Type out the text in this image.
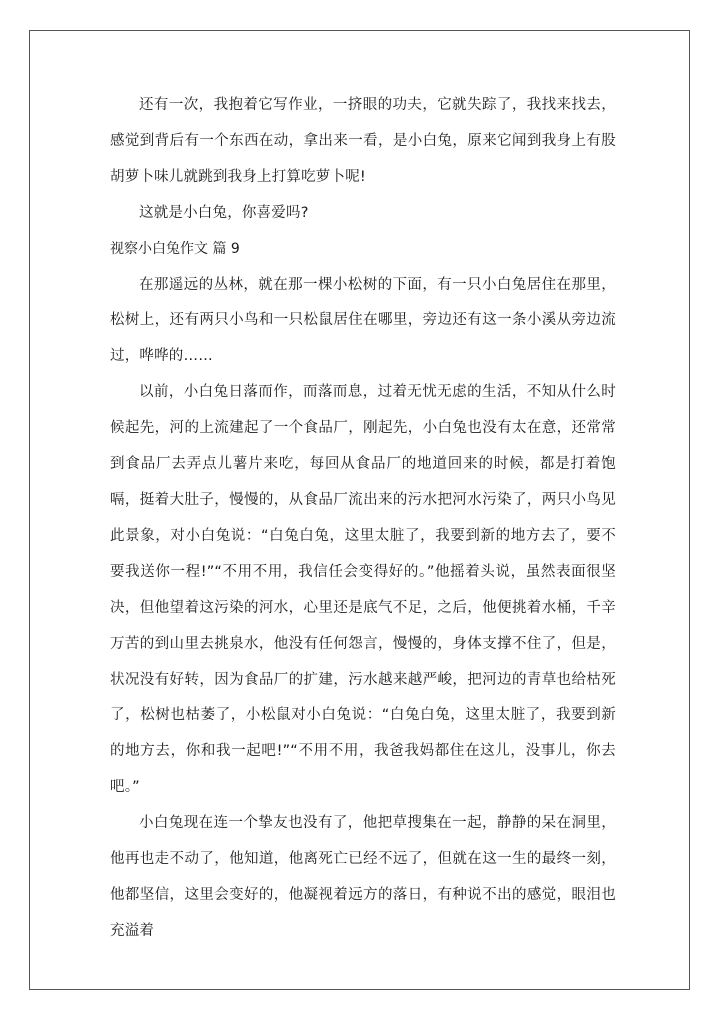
还有一次，我抱着它写作业，一挤眼的功夫，它就失踪了，我找来找去，感觉到背后有一个东西在动，拿出来一看，是小白兔，原来它闻到我身上有股胡萝卜味儿就跳到我身上打算吃萝卜呢!

这就是小白兔，你喜爱吗?

视察小白兔作文 篇 9

在那遥远的丛林，就在那一棵小松树的下面，有一只小白兔居住在那里，松树上，还有两只小鸟和一只松鼠居住在哪里，旁边还有这一条小溪从旁边流过，哗哗的……

以前，小白兔日落而作，而落而息，过着无忧无虑的生活，不知从什么时候起先，河的上流建起了一个食品厂，刚起先，小白兔也没有太在意，还常常到食品厂去弄点儿薯片来吃，每回从食品厂的地道回来的时候，都是打着饱嗝，挺着大肚子，慢慢的，从食品厂流出来的污水把河水污染了，两只小鸟见此景象，对小白兔说：“白兔白兔，这里太脏了，我要到新的地方去了，要不要我送你一程!”“不用不用，我信任会变得好的。”他摇着头说，虽然表面很坚决，但他望着这污染的河水，心里还是底气不足，之后，他便挑着水桶，千辛万苦的到山里去挑泉水，他没有任何怨言，慢慢的，身体支撑不住了，但是，状况没有好转，因为食品厂的扩建，污水越来越严峻，把河边的青草也给枯死了，松树也枯萎了，小松鼠对小白兔说：“白兔白兔，这里太脏了，我要到新的地方去，你和我一起吧!”“不用不用，我爸我妈都住在这儿，没事儿，你去吧。”

小白兔现在连一个挚友也没有了，他把草搜集在一起，静静的呆在洞里，他再也走不动了，他知道，他离死亡已经不远了，但就在这一生的最终一刻，他都坚信，这里会变好的，他凝视着远方的落日，有种说不出的感觉，眼泪也充溢着
